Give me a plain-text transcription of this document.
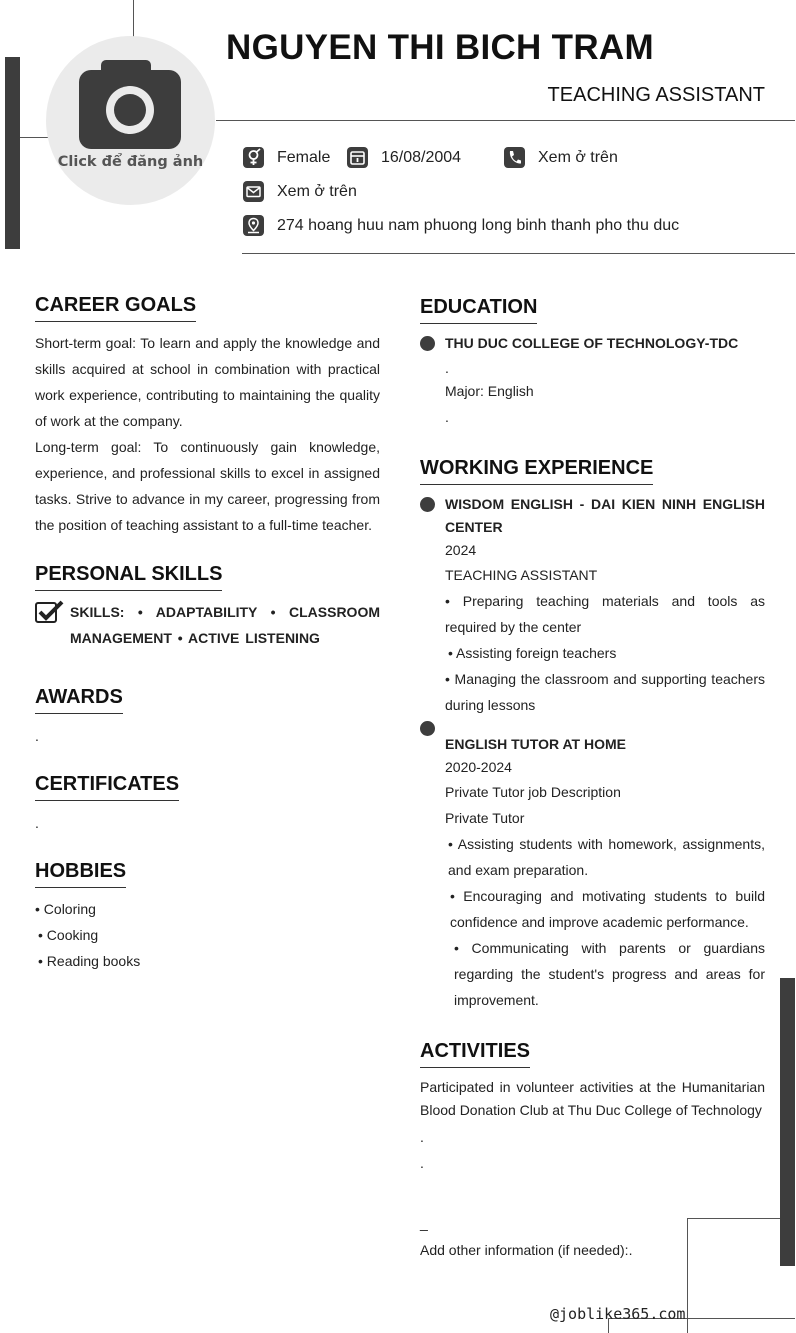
Click để đăng ảnh
NGUYEN THI BICH TRAM
TEACHING ASSISTANT
Female	16/08/2004	Xem ở trên
Xem ở trên
274 hoang huu nam phuong long binh thanh pho thu duc
CAREER GOALS

Short-term goal: To learn and apply the knowledge and skills acquired at school in combination with practical work experience, contributing to maintaining the quality of work at the company.

Long-term goal: To continuously gain knowledge, experience, and professional skills to excel in assigned tasks. Strive to advance in my career, progressing from the position of teaching assistant to a full-time teacher.

PERSONAL SKILLS
SKILLS: • ADAPTABILITY • CLASSROOM MANAGEMENT • ACTIVE LISTENING
AWARDS
.
CERTIFICATES
.
HOBBIES
• Coloring
• Cooking
• Reading books
EDUCATION
THU DUC COLLEGE OF TECHNOLOGY-TDC
.
Major: English
.
WORKING EXPERIENCE
WISDOM ENGLISH - DAI KIEN NINH ENGLISH CENTER
2024
TEACHING ASSISTANT

• Preparing teaching materials and tools as required by the center

• Assisting foreign teachers

• Managing the classroom and supporting teachers during lessons

ENGLISH TUTOR AT HOME
2020-2024
Private Tutor job Description
Private Tutor

• Assisting students with homework, assignments, and exam preparation.

• Encouraging and motivating students to build confidence and improve academic performance.

• Communicating with parents or guardians regarding the student's progress and areas for improvement.

ACTIVITIES
Participated in volunteer activities at the Humanitarian Blood Donation Club at Thu Duc College of Technology
.
.
_
Add other information (if needed):.
@joblike365.com
